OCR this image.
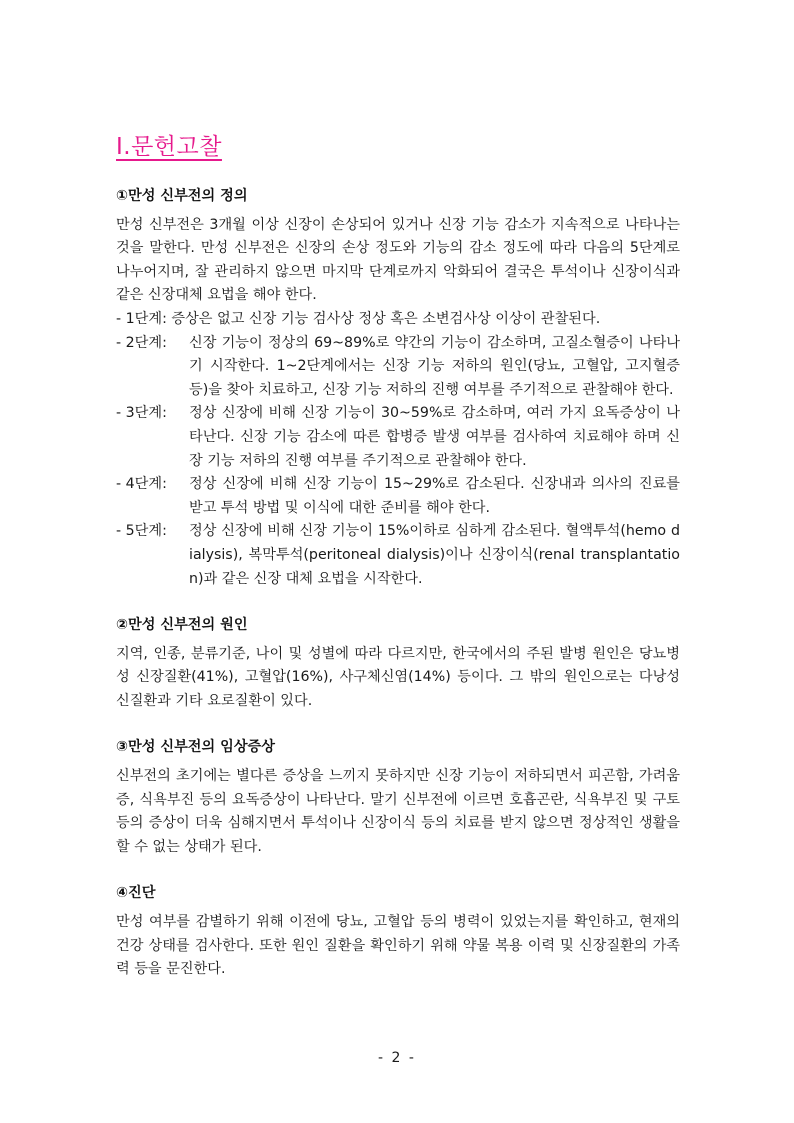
Ⅰ.문헌고찰
①만성 신부전의 정의

만성 신부전은 3개월 이상 신장이 손상되어 있거나 신장 기능 감소가 지속적으로 나타나는 것을 말한다. 만성 신부전은 신장의 손상 정도와 기능의 감소 정도에 따라 다음의 5단계로 나누어지며, 잘 관리하지 않으면 마지막 단계로까지 악화되어 결국은 투석이나 신장이식과 같은 신장대체 요법을 해야 한다.

- 1단계: 증상은 없고 신장 기능 검사상 정상 혹은 소변검사상 이상이 관찰된다.
- 2단계: 신장 기능이 정상의 69~89%로 약간의 기능이 감소하며, 고질소혈증이 나타나기 시작한다. 1~2단계에서는 신장 기능 저하의 원인(당뇨, 고혈압, 고지혈증 등)을 찾아 치료하고, 신장 기능 저하의 진행 여부를 주기적으로 관찰해야 한다.
- 3단계: 정상 신장에 비해 신장 기능이 30~59%로 감소하며, 여러 가지 요독증상이 나타난다. 신장 기능 감소에 따른 합병증 발생 여부를 검사하여 치료해야 하며 신장 기능 저하의 진행 여부를 주기적으로 관찰해야 한다.
- 4단계: 정상 신장에 비해 신장 기능이 15~29%로 감소된다. 신장내과 의사의 진료를 받고 투석 방법 및 이식에 대한 준비를 해야 한다.
- 5단계: 정상 신장에 비해 신장 기능이 15%이하로 심하게 감소된다. 혈액투석(hemo dialysis), 복막투석(peritoneal dialysis)이나 신장이식(renal transplantation)과 같은 신장 대체 요법을 시작한다.
②만성 신부전의 원인

지역, 인종, 분류기준, 나이 및 성별에 따라 다르지만, 한국에서의 주된 발병 원인은 당뇨병성 신장질환(41%), 고혈압(16%), 사구체신염(14%) 등이다. 그 밖의 원인으로는 다낭성 신질환과 기타 요로질환이 있다.

③만성 신부전의 임상증상

신부전의 초기에는 별다른 증상을 느끼지 못하지만 신장 기능이 저하되면서 피곤함, 가려움증, 식욕부진 등의 요독증상이 나타난다. 말기 신부전에 이르면 호흡곤란, 식욕부진 및 구토 등의 증상이 더욱 심해지면서 투석이나 신장이식 등의 치료를 받지 않으면 정상적인 생활을 할 수 없는 상태가 된다.

④진단

만성 여부를 감별하기 위해 이전에 당뇨, 고혈압 등의 병력이 있었는지를 확인하고, 현재의 건강 상태를 검사한다. 또한 원인 질환을 확인하기 위해 약물 복용 이력 및 신장질환의 가족력 등을 문진한다.

- 2 -
